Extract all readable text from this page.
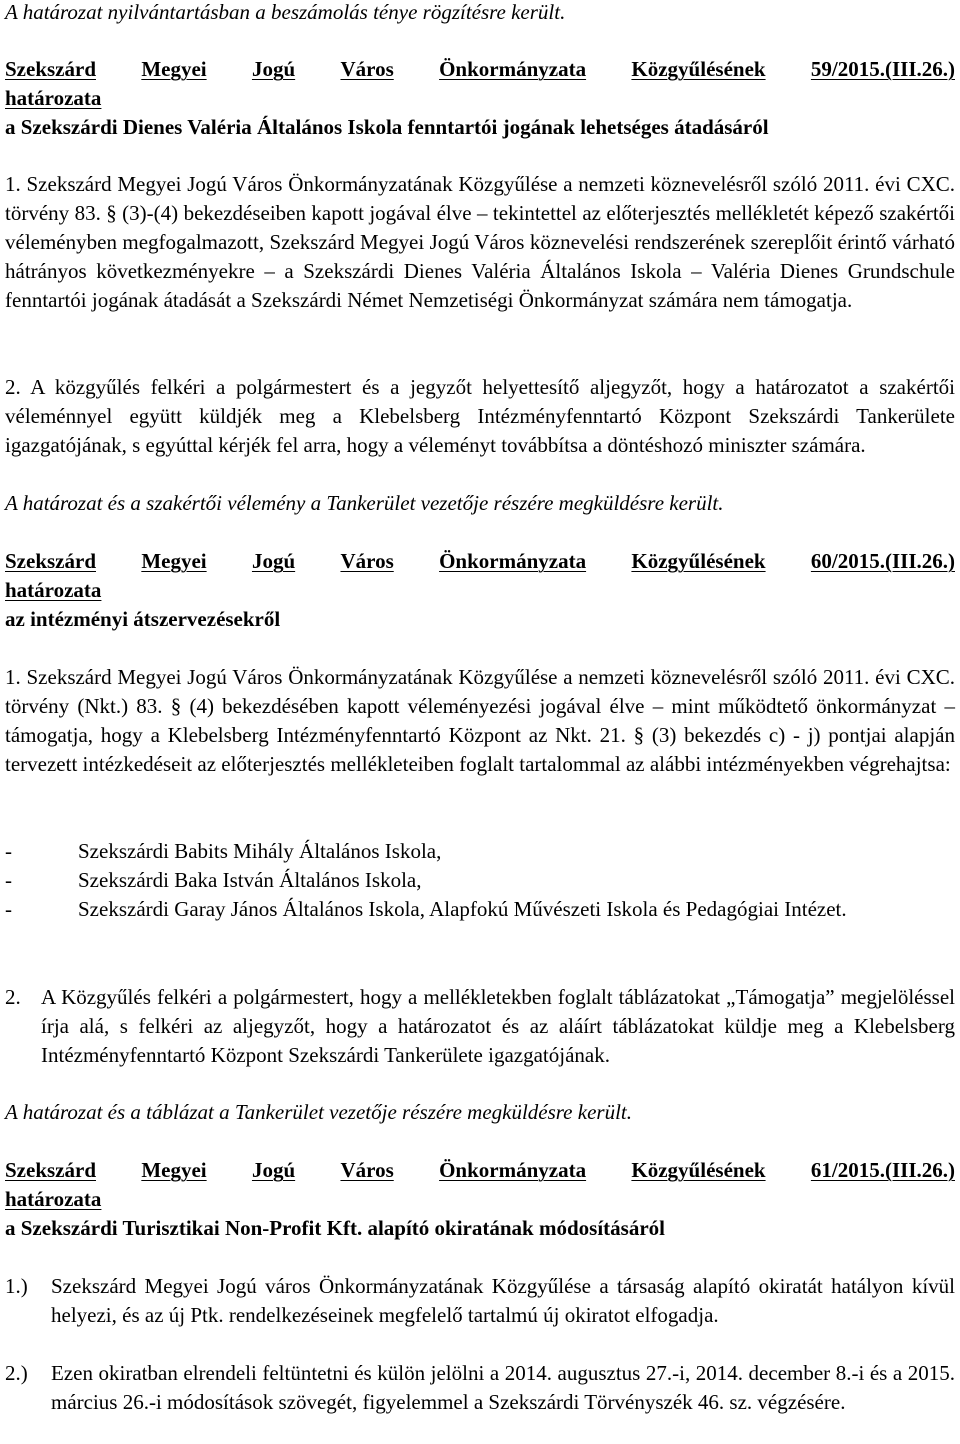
A határozat nyilvántartásban a beszámolás ténye rögzítésre került.

Szekszárd Megyei Jogú Város Önkormányzata Közgyűlésének 59/2015.(III.26.)
határozata
a Szekszárdi Dienes Valéria Általános Iskola fenntartói jogának lehetséges átadásáról

1. Szekszárd Megyei Jogú Város Önkormányzatának Közgyűlése a nemzeti köznevelésről szóló 2011. évi CXC. törvény 83. § (3)-(4) bekezdéseiben kapott jogával élve – tekintettel az előterjesztés mellékletét képező szakértői véleményben megfogalmazott, Szekszárd Megyei Jogú Város köznevelési rendszerének szereplőit érintő várható hátrányos következményekre – a Szekszárdi Dienes Valéria Általános Iskola – Valéria Dienes Grundschule fenntartói jogának átadását a Szekszárdi Német Nemzetiségi Önkormányzat számára nem támogatja.

2. A közgyűlés felkéri a polgármestert és a jegyzőt helyettesítő aljegyzőt, hogy a határozatot a szakértői véleménnyel együtt küldjék meg a Klebelsberg Intézményfenntartó Központ Szekszárdi Tankerülete igazgatójának, s egyúttal kérjék fel arra, hogy a véleményt továbbítsa a döntéshozó miniszter számára.

A határozat és a szakértői vélemény a Tankerület vezetője részére megküldésre került.

Szekszárd Megyei Jogú Város Önkormányzata Közgyűlésének 60/2015.(III.26.)
határozata
az intézményi átszervezésekről

1. Szekszárd Megyei Jogú Város Önkormányzatának Közgyűlése a nemzeti köznevelésről szóló 2011. évi CXC. törvény (Nkt.) 83. § (4) bekezdésében kapott véleményezési jogával élve – mint működtető önkormányzat – támogatja, hogy a Klebelsberg Intézményfenntartó Központ az Nkt. 21. § (3) bekezdés c) - j) pontjai alapján tervezett intézkedéseit az előterjesztés mellékleteiben foglalt tartalommal az alábbi intézményekben végrehajtsa:

-	Szekszárdi Babits Mihály Általános Iskola,
-	Szekszárdi Baka István Általános Iskola,
-	Szekszárdi Garay János Általános Iskola, Alapfokú Művészeti Iskola és Pedagógiai Intézet.
2. A Közgyűlés felkéri a polgármestert, hogy a mellékletekben foglalt táblázatokat „Támogatja” megjelöléssel írja alá, s felkéri az aljegyzőt, hogy a határozatot és az aláírt táblázatokat küldje meg a Klebelsberg Intézményfenntartó Központ Szekszárdi Tankerülete igazgatójának.

A határozat és a táblázat a Tankerület vezetője részére megküldésre került.

Szekszárd Megyei Jogú Város Önkormányzata Közgyűlésének 61/2015.(III.26.)
határozata
a Szekszárdi Turisztikai Non-Profit Kft. alapító okiratának módosításáról
1.)	Szekszárd Megyei Jogú város Önkormányzatának Közgyűlése a társaság alapító okiratát hatályon kívül helyezi, és az új Ptk. rendelkezéseinek megfelelő tartalmú új okiratot elfogadja.
2.)	Ezen okiratban elrendeli feltüntetni és külön jelölni a 2014. augusztus 27.-i, 2014. december 8.-i és a 2015. március 26.-i módosítások szövegét, figyelemmel a Szekszárdi Törvényszék 46. sz. végzésére.
